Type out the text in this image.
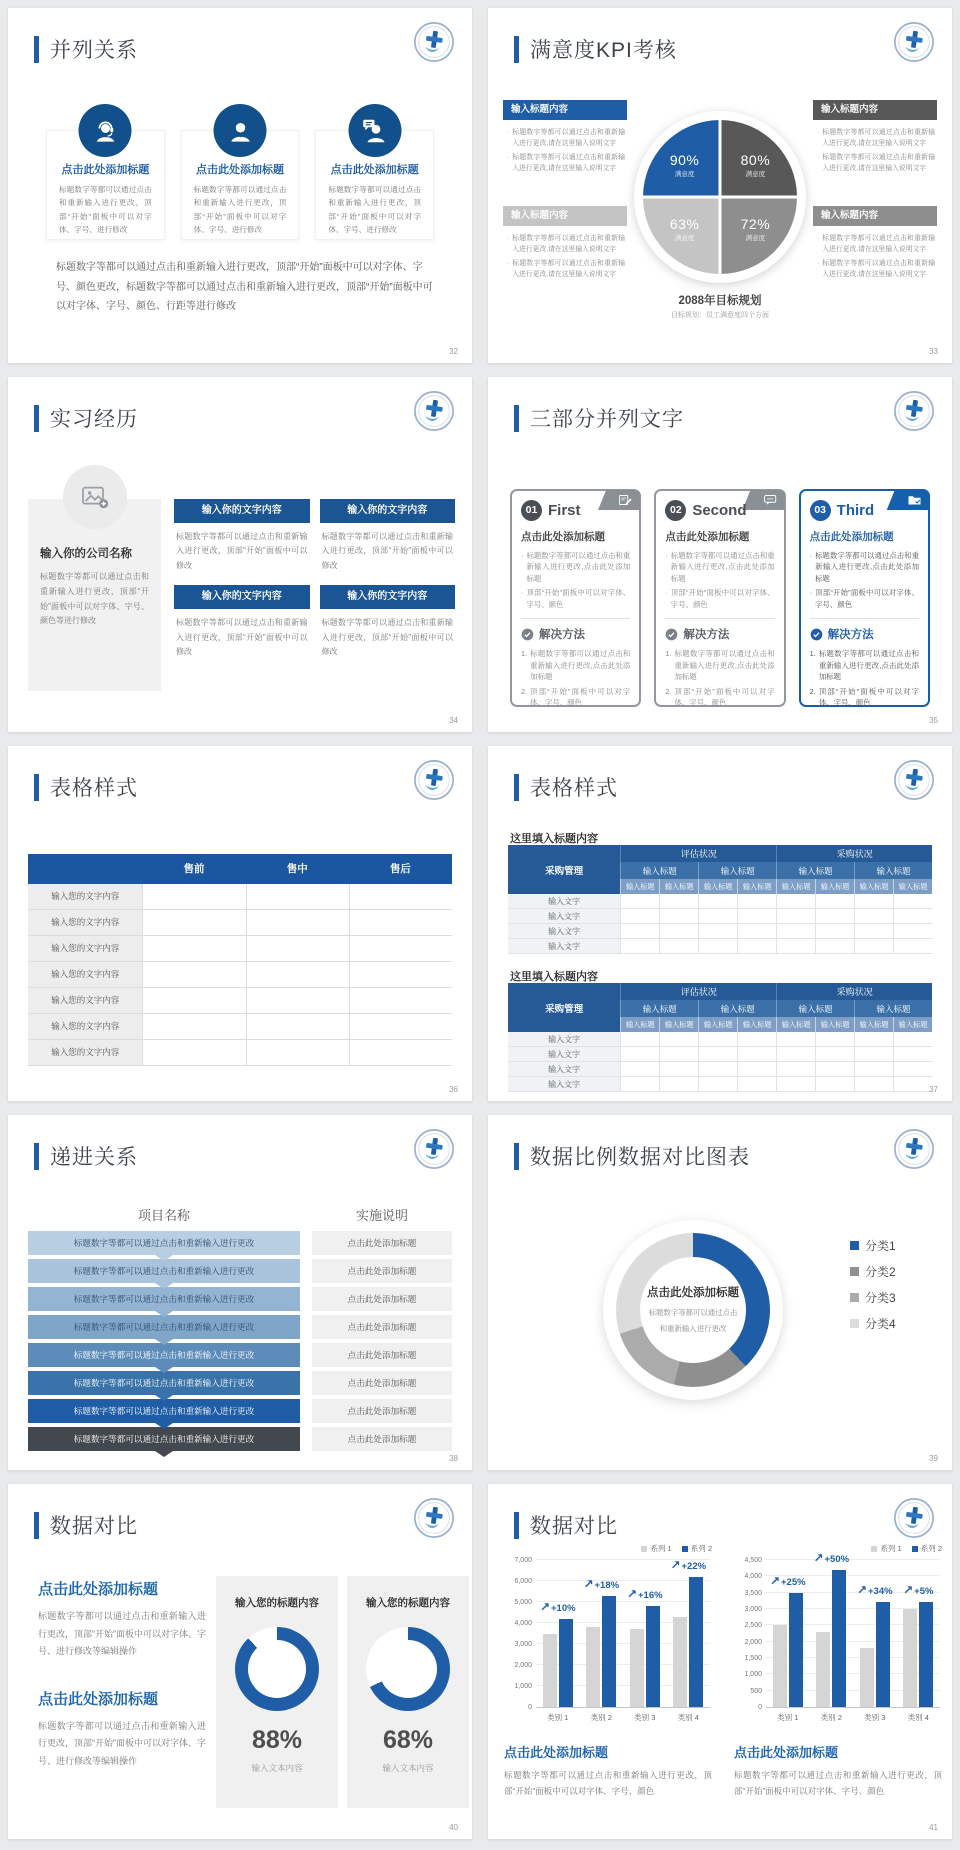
并列关系
点击此处添加标题
标题数字等都可以通过点击和重新输入进行更改，顶部“开始”面板中可以对字体、字号、进行修改
点击此处添加标题
标题数字等都可以通过点击和重新输入进行更改，顶部“开始”面板中可以对字体、字号、进行修改
点击此处添加标题
标题数字等都可以通过点击和重新输入进行更改，顶部“开始”面板中可以对字体、字号、进行修改

标题数字等都可以通过点击和重新输入进行更改，顶部“开始”面板中可以对字体、字号、颜色更改，标题数字等都可以通过点击和重新输入进行更改，顶部“开始”面板中可以对字体、字号、颜色、行距等进行修改

32
满意度KPI考核
输入标题内容
· 标题数字等都可以通过点击和重新输入进行更改,请在这里输入说明文字
· 标题数字等都可以通过点击和重新输入进行更改,请在这里输入说明文字
输入标题内容
· 标题数字等都可以通过点击和重新输入进行更改,请在这里输入说明文字
· 标题数字等都可以通过点击和重新输入进行更改,请在这里输入说明文字
输入标题内容
· 标题数字等都可以通过点击和重新输入进行更改,请在这里输入说明文字
· 标题数字等都可以通过点击和重新输入进行更改,请在这里输入说明文字
输入标题内容
· 标题数字等都可以通过点击和重新输入进行更改,请在这里输入说明文字
· 标题数字等都可以通过点击和重新输入进行更改,请在这里输入说明文字
90%
满意度
80%
满意度
63%
满意度
72%
满意度
2088年目标规划
目标规划：员工满意度四个方面
33
实习经历
输入你的公司名称
标题数字等都可以通过点击和重新输入进行更改，顶部“开始”面板中可以对字体、字号、颜色等进行修改
输入你的文字内容
标题数字等都可以通过点击和重新输入进行更改，顶部“开始”面板中可以修改
输入你的文字内容
标题数字等都可以通过点击和重新输入进行更改，顶部“开始”面板中可以修改
输入你的文字内容
标题数字等都可以通过点击和重新输入进行更改，顶部“开始”面板中可以修改
输入你的文字内容
标题数字等都可以通过点击和重新输入进行更改，顶部“开始”面板中可以修改
34
三部分并列文字
01 First
点击此处添加标题
· 标题数字等都可以通过点击和重新输入进行更改,点击此处添加标题
· 顶部“开始”面板中可以对字体、字号、颜色
解决方法
1. 标题数字等都可以通过点击和重新输入进行更改,点击此处添加标题
2. 顶部“开始”面板中可以对字体、字号、颜色
02 Second
点击此处添加标题
· 标题数字等都可以通过点击和重新输入进行更改,点击此处添加标题
· 顶部“开始”面板中可以对字体、字号、颜色
解决方法
1. 标题数字等都可以通过点击和重新输入进行更改,点击此处添加标题
2. 顶部“开始”面板中可以对字体、字号、颜色
03 Third
点击此处添加标题
· 标题数字等都可以通过点击和重新输入进行更改,点击此处添加标题
· 顶部“开始”面板中可以对字体、字号、颜色
解决方法
1. 标题数字等都可以通过点击和重新输入进行更改,点击此处添加标题
2. 顶部“开始”面板中可以对字体、字号、颜色
35
表格样式
售前	售中	售后
输入您的文字内容
输入您的文字内容
输入您的文字内容
输入您的文字内容
输入您的文字内容
输入您的文字内容
输入您的文字内容
36
表格样式
这里填入标题内容
采购管理
评估状况	采购状况
输入标题	输入标题	输入标题	输入标题
输入标题	输入标题	输入标题	输入标题	输入标题	输入标题	输入标题	输入标题
输入文字
输入文字
输入文字
输入文字
这里填入标题内容
采购管理
评估状况	采购状况
输入标题	输入标题	输入标题	输入标题
输入标题	输入标题	输入标题	输入标题	输入标题	输入标题	输入标题	输入标题
输入文字
输入文字
输入文字
输入文字
37
递进关系
项目名称	实施说明
标题数字等都可以通过点击和重新输入进行更改	点击此处添加标题
标题数字等都可以通过点击和重新输入进行更改	点击此处添加标题
标题数字等都可以通过点击和重新输入进行更改	点击此处添加标题
标题数字等都可以通过点击和重新输入进行更改	点击此处添加标题
标题数字等都可以通过点击和重新输入进行更改	点击此处添加标题
标题数字等都可以通过点击和重新输入进行更改	点击此处添加标题
标题数字等都可以通过点击和重新输入进行更改	点击此处添加标题
标题数字等都可以通过点击和重新输入进行更改	点击此处添加标题
38
数据比例数据对比图表
点击此处添加标题
标题数字等都可以通过点击和重新输入进行更改
分类1
分类2
分类3
分类4
39
数据对比
点击此处添加标题

标题数字等都可以通过点击和重新输入进行更改，顶部“开始”面板中可以对字体、字号、进行修改等编辑操作

点击此处添加标题

标题数字等都可以通过点击和重新输入进行更改，顶部“开始”面板中可以对字体、字号、进行修改等编辑操作

输入您的标题内容
88%
输入文本内容
输入您的标题内容
68%
输入文本内容
40
数据对比
系列 1	系列 2
0
1,000
2,000
3,000
4,000
5,000
6,000
7,000
↗+10%
类别 1
↗+18%
类别 2
↗+16%
类别 3
↗+22%
类别 4
点击此处添加标题

标题数字等都可以通过点击和重新输入进行更改，顶部“开始”面板中可以对字体、字号、颜色

系列 1	系列 2
0
500
1,000
1,500
2,000
2,500
3,000
3,500
4,000
4,500
↗+25%
类别 1
↗+50%
类别 2
↗+34%
类别 3
↗+5%
类别 4
点击此处添加标题

标题数字等都可以通过点击和重新输入进行更改，顶部“开始”面板中可以对字体、字号、颜色

41
